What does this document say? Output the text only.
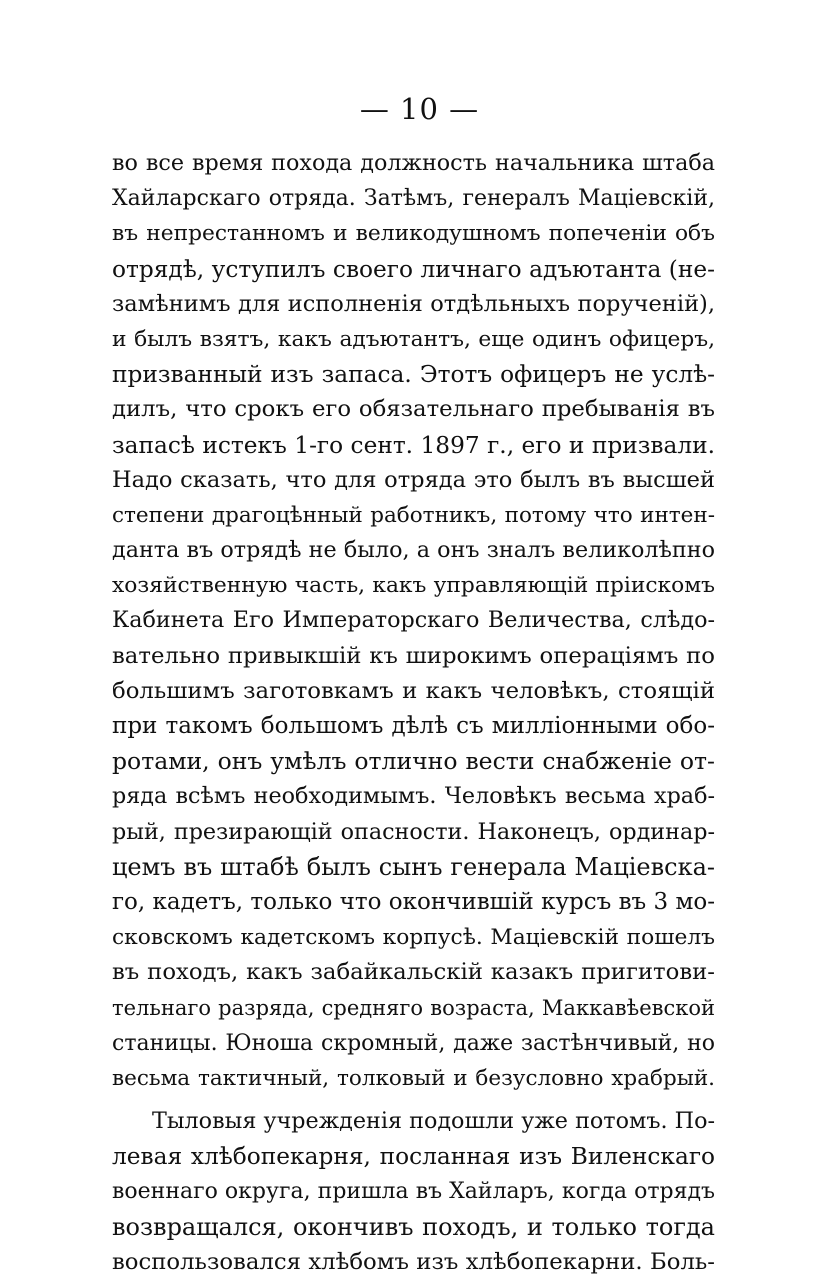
— 10 —
во все время похода должность начальника штаба
Хайларскаго отряда. Затѣмъ, генералъ Мацiевскiй,
въ непрестанномъ и великодушномъ попеченiи объ
отрядѣ, уступилъ своего личнаго адъютанта (не-
замѣнимъ для исполненiя отдѣльныхъ порученiй),
и былъ взятъ, какъ адъютантъ, еще одинъ офицеръ,
призванный изъ запаса. Этотъ офицеръ не услѣ-
дилъ, что срокъ его обязательнаго пребыванiя въ
запасѣ истекъ 1-го сент. 1897 г., его и призвали.
Надо сказать, что для отряда это былъ въ высшей
степени драгоцѣнный работникъ, потому что интен-
данта въ отрядѣ не было, а онъ зналъ великолѣпно
хозяйственную часть, какъ управляющiй прiискомъ
Кабинета Его Императорскаго Величества, слѣдо-
вательно привыкшiй къ широкимъ операцiямъ по
большимъ заготовкамъ и какъ человѣкъ, стоящiй
при такомъ большомъ дѣлѣ съ миллiонными обо-
ротами, онъ умѣлъ отлично вести снабженiе от-
ряда всѣмъ необходимымъ. Человѣкъ весьма храб-
рый, презирающiй опасности. Наконецъ, ординар-
цемъ въ штабѣ былъ сынъ генерала Мацiевска-
го, кадетъ, только что окончившiй курсъ въ 3 мо-
сковскомъ кадетскомъ корпусѣ. Мацiевскiй пошелъ
въ походъ, какъ забайкальскiй казакъ пригитови-
тельнаго разряда, средняго возраста, Маккавѣевской
станицы. Юноша скромный, даже застѣнчивый, но
весьма тактичный, толковый и безусловно храбрый.
Тыловыя учрежденiя подошли уже потомъ. По-
левая хлѣбопекарня, посланная изъ Виленскаго
военнаго округа, пришла въ Хайларъ, когда отрядъ
возвращался, окончивъ походъ, и только тогда
воспользовался хлѣбомъ изъ хлѣбопекарни. Боль-
